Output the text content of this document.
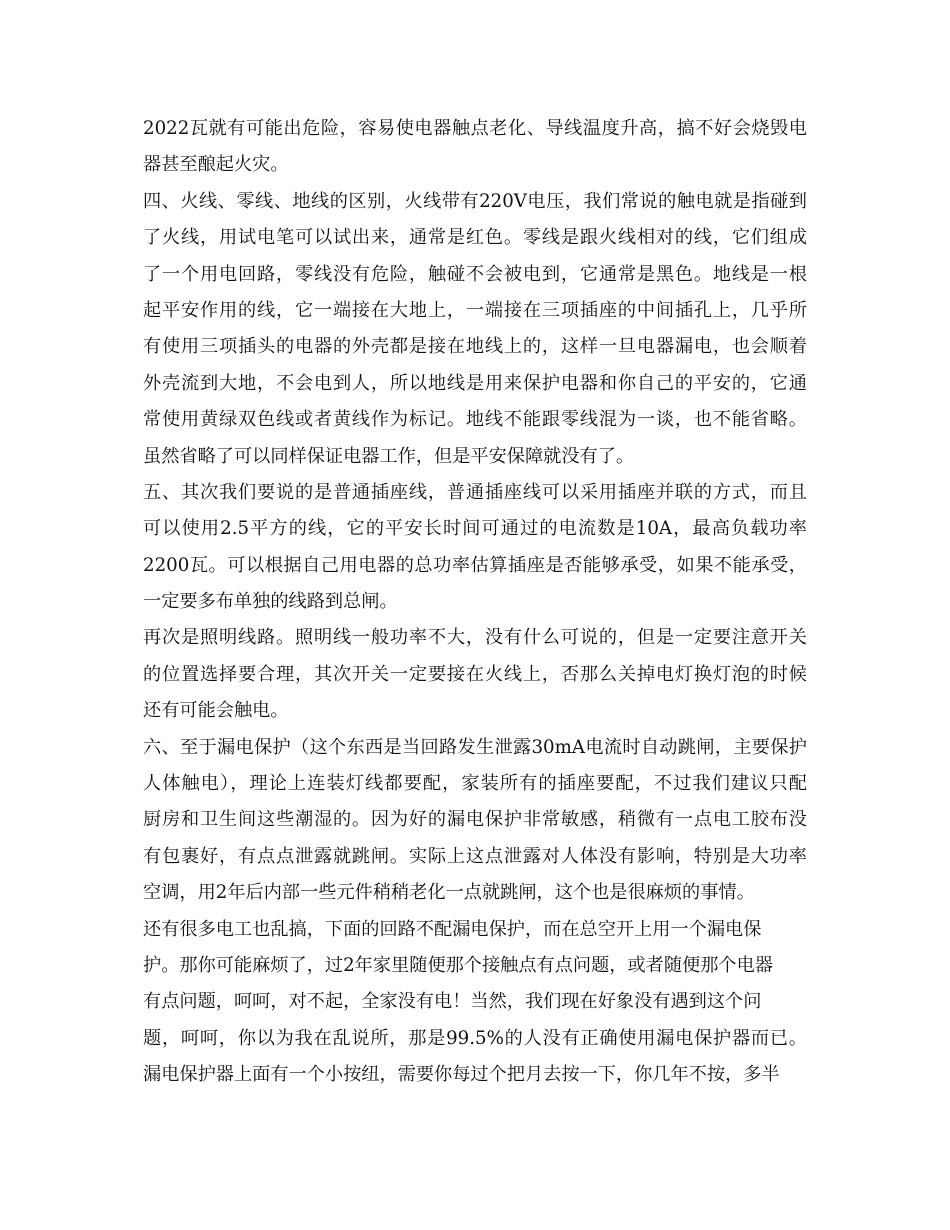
2022瓦就有可能出危险，容易使电器触点老化、导线温度升高，搞不好会烧毁电
器甚至酿起火灾。
四、火线、零线、地线的区别，火线带有220V电压，我们常说的触电就是指碰到
了火线，用试电笔可以试出来，通常是红色。零线是跟火线相对的线，它们组成
了一个用电回路，零线没有危险，触碰不会被电到，它通常是黑色。地线是一根
起平安作用的线，它一端接在大地上，一端接在三项插座的中间插孔上，几乎所
有使用三项插头的电器的外壳都是接在地线上的，这样一旦电器漏电，也会顺着
外壳流到大地，不会电到人，所以地线是用来保护电器和你自己的平安的，它通
常使用黄绿双色线或者黄线作为标记。地线不能跟零线混为一谈，也不能省略。
虽然省略了可以同样保证电器工作，但是平安保障就没有了。
五、其次我们要说的是普通插座线，普通插座线可以采用插座并联的方式，而且
可以使用2.5平方的线，它的平安长时间可通过的电流数是10A，最高负载功率
2200瓦。可以根据自己用电器的总功率估算插座是否能够承受，如果不能承受，
一定要多布单独的线路到总闸。
再次是照明线路。照明线一般功率不大，没有什么可说的，但是一定要注意开关
的位置选择要合理，其次开关一定要接在火线上，否那么关掉电灯换灯泡的时候
还有可能会触电。
六、至于漏电保护（这个东西是当回路发生泄露30mA电流时自动跳闸，主要保护
人体触电），理论上连装灯线都要配，家装所有的插座要配，不过我们建议只配
厨房和卫生间这些潮湿的。因为好的漏电保护非常敏感，稍微有一点电工胶布没
有包裹好，有点点泄露就跳闸。实际上这点泄露对人体没有影响，特别是大功率
空调，用2年后内部一些元件稍稍老化一点就跳闸，这个也是很麻烦的事情。
还有很多电工也乱搞，下面的回路不配漏电保护，而在总空开上用一个漏电保
护。那你可能麻烦了，过2年家里随便那个接触点有点问题，或者随便那个电器
有点问题，呵呵，对不起，全家没有电！当然，我们现在好象没有遇到这个问
题，呵呵，你以为我在乱说所，那是99.5%的人没有正确使用漏电保护器而已。
漏电保护器上面有一个小按纽，需要你每过个把月去按一下，你几年不按，多半
